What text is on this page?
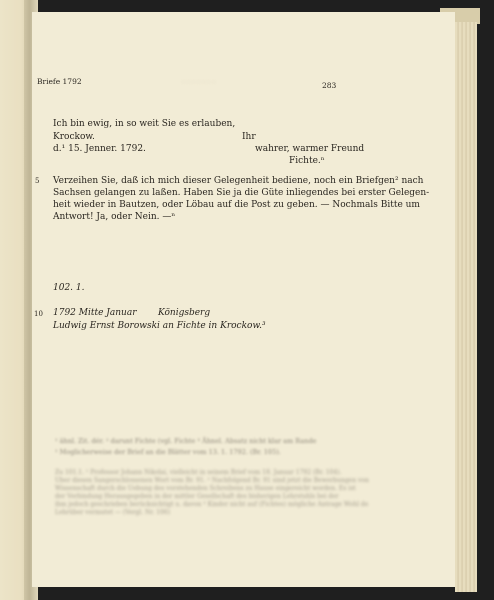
Briefe 1792	283
· · · · · · ·
Ich bin ewig, in so weit Sie es erlauben,
Krockow.	Ihr
d.¹ 15. Jenner. 1792.	wahrer, warmer Freund
Fichte.ⁿ
5 Verzeihen Sie, daß ich mich dieser Gelegenheit bediene, noch ein Briefgen² nach
Sachsen gelangen zu laßen. Haben Sie ja die Güte inliegendes bei erster Gelegen-
heit wieder in Bautzen, oder Löbau auf die Post zu geben. — Nochmals Bitte um
Antwort! Ja, oder Nein. —ⁿ
102. 1.
10 1792 Mitte Januar Königsberg
Ludwig Ernst Borowski an Fichte in Krockow.³
¹ ähnl. Zit. dér. ² darunt Fichte (vgl. Fichte ³ Ähnel. Absatz nicht klar am Rande
¹ Moglicherweise der Brief an die Blätter vom 13. 1. 1792. (Br. 105).
Zu 101.1. ¹ Professor Johann Nikolai, vielleicht in seinem Brief vom 18. Januar 1792 (Br. 104).
Über diesen Sangerschlossenen Wort vom Br. 91. ² Nachfolgend Br. 91 sind jetzt die Bewerbungen von
Wissenschaft durch die Uebung des vorstehenden Schreibens zu Hause eingereicht worden. Es ist
der Verbindung Herausgegeben in der mittler Gesellschaft des bisherigen Lehrstuhls bei der
ihm jedoch geschrieben berücksichtigt u. davon ³ Kinder nicht auf (Fichtes) mögliche Antrage Wohl de
Lehrüber vermutet — (Vergl. Nr. 106)
